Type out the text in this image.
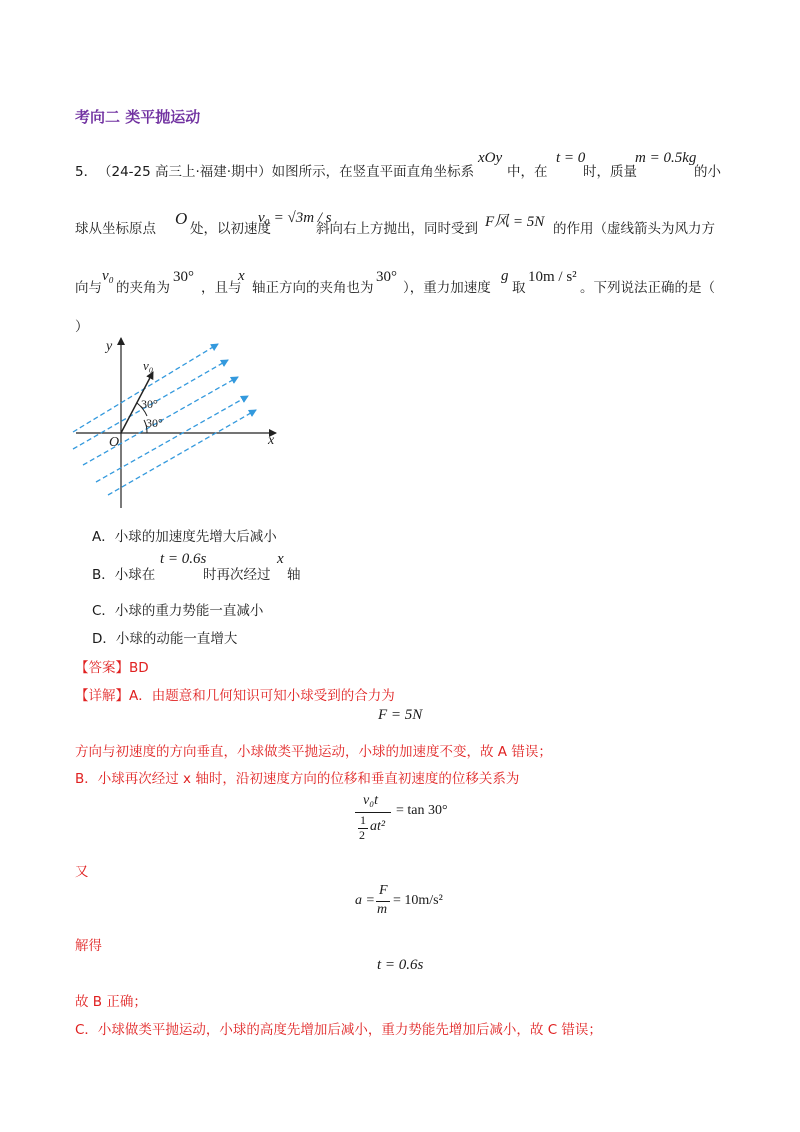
考向二 类平抛运动
5． （24-25 高三上·福建·期中）如图所示，在竖直平面直角坐标系
xOy
中，在
t = 0
时，质量
m = 0.5kg
的小
球从坐标原点
O
处，以初速度
v₀ = √3m / s
斜向右上方抛出，同时受到 F风 = 5N 的作用（虚线箭头为风力方
向与
v₀
的夹角为
30°
，且与
x
轴正方向的夹角也为
30°
），重力加速度
g
取
10m / s²
。下列说法正确的是（
）
y
x
O
v₀
30°
30°
A．小球的加速度先增大后减小
B．小球在
t = 0.6s
时再次经过
x
轴
C．小球的重力势能一直减小
D．小球的动能一直增大
【答案】BD
【详解】A．由题意和几何知识可知小球受到的合力为
F = 5N
方向与初速度的方向垂直，小球做类平抛运动，小球的加速度不变，故 A 错误；
B．小球再次经过 x 轴时，沿初速度方向的位移和垂直初速度的位移关系为
v₀t
1
2
at²
= tan 30°
又
a =
F
m
= 10m/s²
解得
t = 0.6s
故 B 正确；
C．小球做类平抛运动，小球的高度先增加后减小，重力势能先增加后减小，故 C 错误；
